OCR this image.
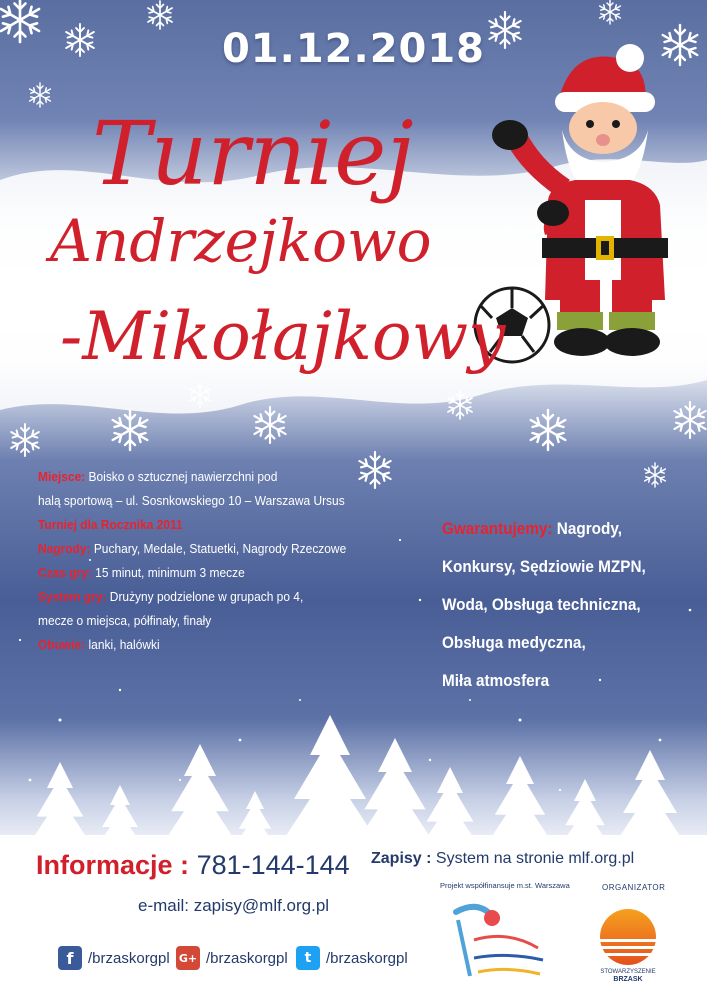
01.12.2018
Turniej
Andrzejkowo
-Mikołajkowy
Miejsce: Boisko o sztucznej nawierzchni pod
halą sportową – ul. Sosnkowskiego 10 – Warszawa Ursus
Turniej dla Rocznika 2011
Nagrody: Puchary, Medale, Statuetki, Nagrody Rzeczowe
Czas gry: 15 minut, minimum 3 mecze
System gry: Drużyny podzielone w grupach po 4,
mecze o miejsca, półfinały, finały
Obuwie: lanki, halówki
Gwarantujemy: Nagrody,
Konkursy, Sędziowie MZPN,
Woda, Obsługa techniczna,
Obsługa medyczna,
Miła atmosfera
Informacje : 781-144-144
e-mail: zapisy@mlf.org.pl
Zapisy : System na stronie mlf.org.pl
Projekt współfinansuje m.st. Warszawa	ORGANIZATOR
f /brzaskorgpl G+ /brzaskorgpl	t /brzaskorgpl
STOWARZYSZENIE
BRZASK
